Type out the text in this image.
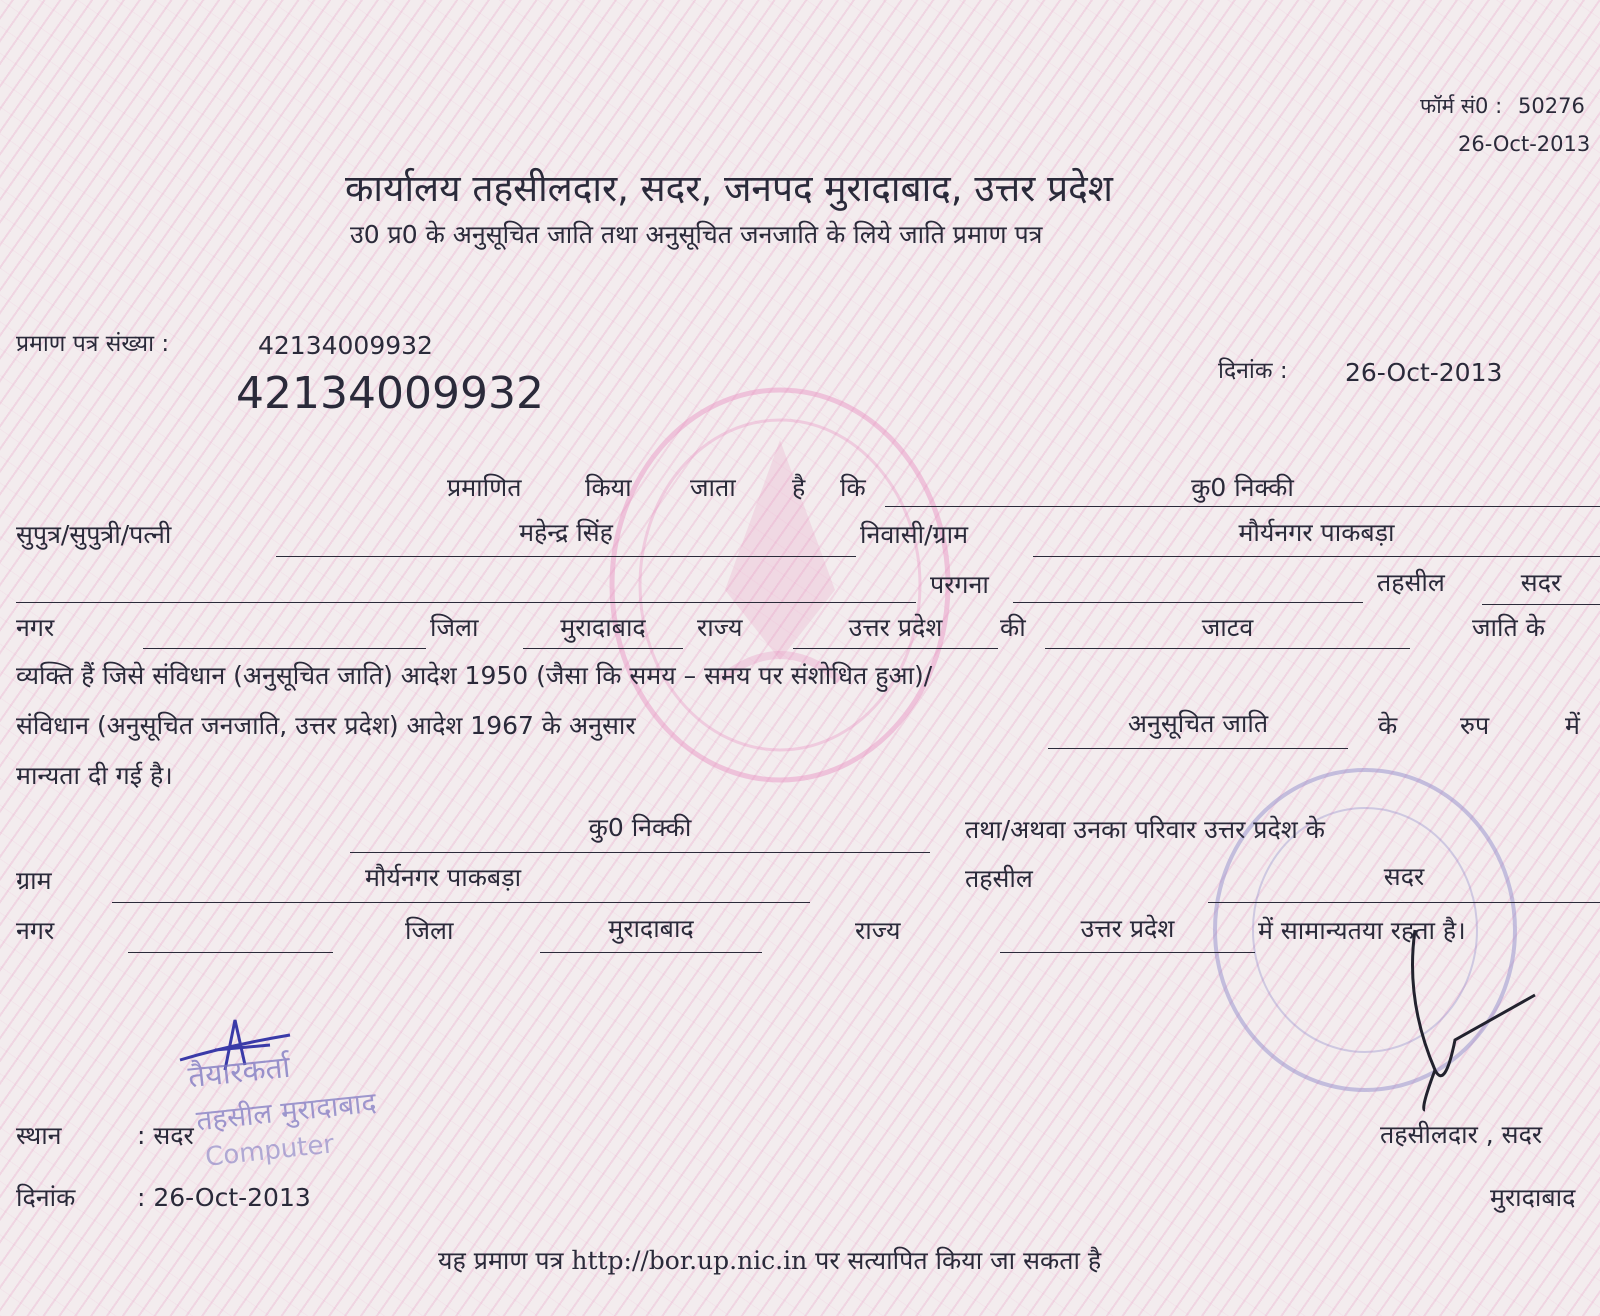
फॉर्म सं0 : 50276
26-Oct-2013
कार्यालय तहसीलदार, सदर, जनपद मुरादाबाद, उत्तर प्रदेश
उ0 प्र0 के अनुसूचित जाति तथा अनुसूचित जनजाति के लिये जाति प्रमाण पत्र
प्रमाण पत्र संख्या :	42134009932
42134009932	दिनांक : 26-Oct-2013
प्रमाणित	किया जाता है कि	कु0 निक्की
सुपुत्र/सुपुत्री/पत्नी	महेन्द्र सिंह	निवासी/ग्राम	मौर्यनगर पाकबड़ा
परगना	तहसील	सदर
नगर	जिला	मुरादाबाद	राज्य	उत्तर प्रदेश	की	जाटव	जाति के
व्यक्ति हैं जिसे संविधान (अनुसूचित जाति) आदेश 1950 (जैसा कि समय – समय पर संशोधित हुआ)/
संविधान (अनुसूचित जनजाति, उत्तर प्रदेश) आदेश 1967 के अनुसार	अनुसूचित जाति	के	रुप	में
मान्यता दी गई है।
कु0 निक्की	तथा/अथवा उनका परिवार उत्तर प्रदेश के
ग्राम	मौर्यनगर पाकबड़ा	तहसील	सदर
नगर	जिला	मुरादाबाद	राज्य	उत्तर प्रदेश	में सामान्यतया रहता है।
तैयारकर्ता
तहसील मुरादाबाद
Computer
स्थान	: सदर
दिनांक : 26-Oct-2013
तहसीलदार , सदर
मुरादाबाद
यह प्रमाण पत्र http://bor.up.nic.in पर सत्यापित किया जा सकता है
